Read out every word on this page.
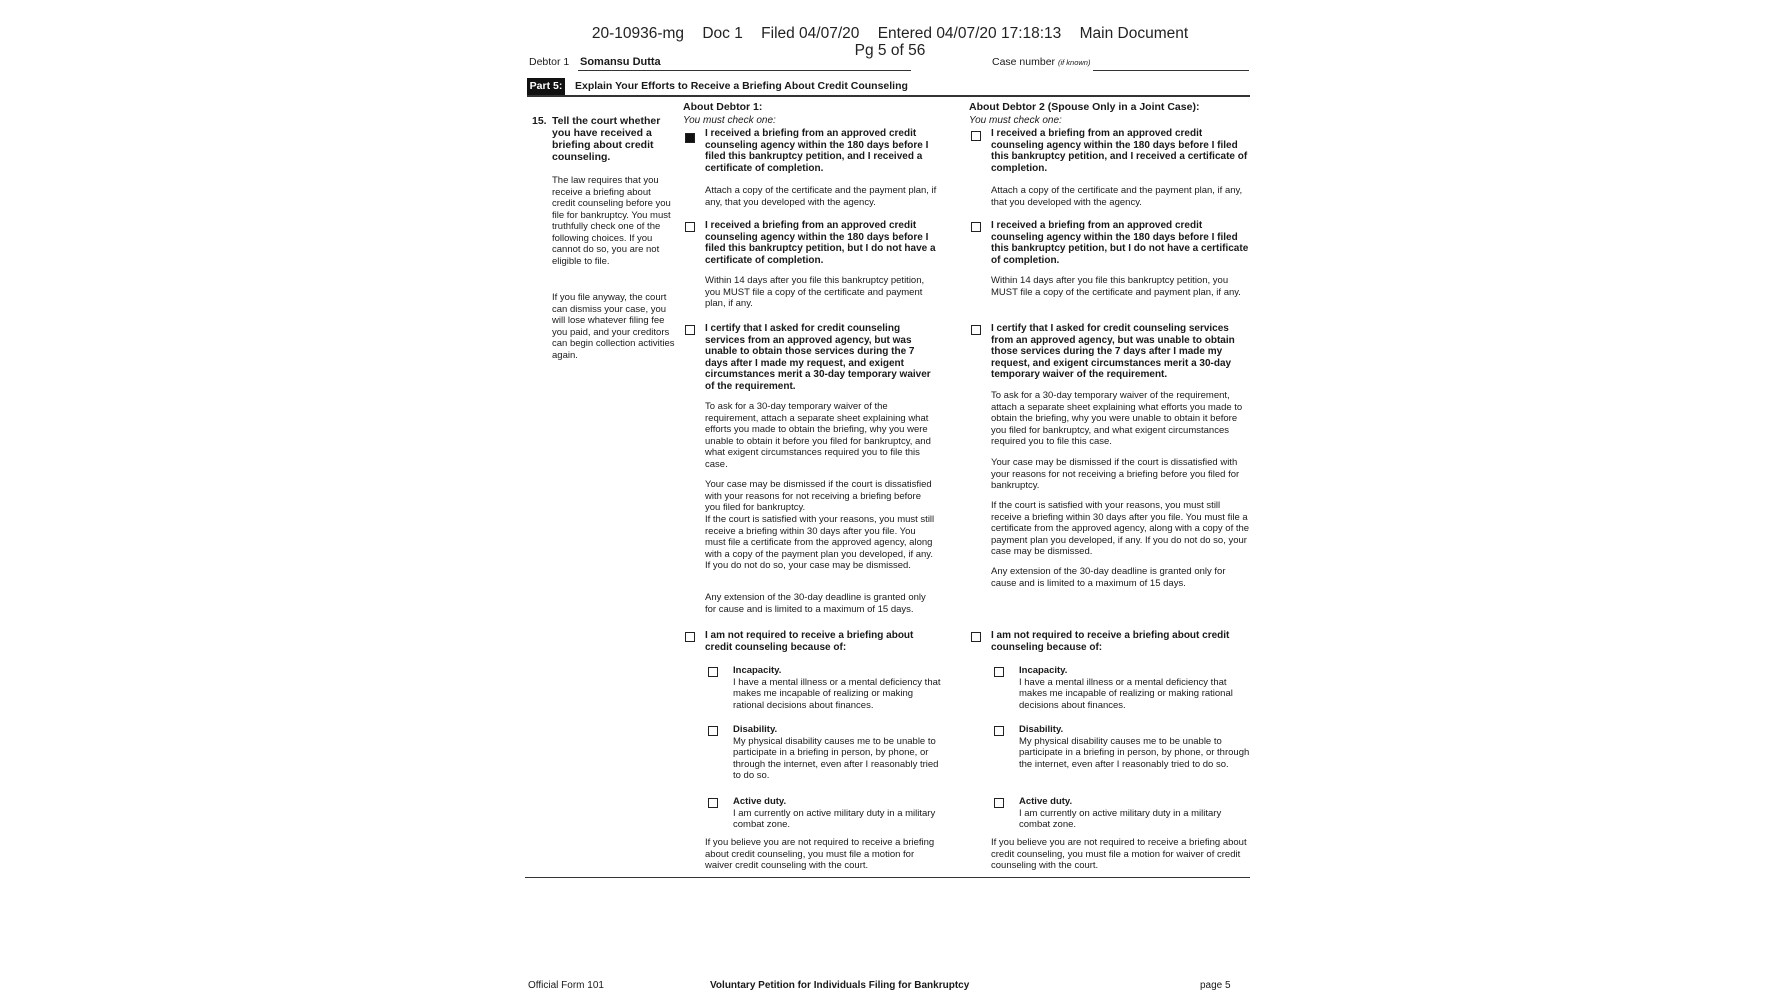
20-10936-mg Doc 1 Filed 04/07/20 Entered 04/07/20 17:18:13 Main Document
Pg 5 of 56
Debtor 1 Somansu Dutta	Case number (if known)
Part 5: Explain Your Efforts to Receive a Briefing About Credit Counseling
15. Tell the court whether you have received a briefing about credit counseling.
The law requires that you receive a briefing about credit counseling before you file for bankruptcy. You must truthfully check one of the following choices. If you cannot do so, you are not eligible to file.
If you file anyway, the court can dismiss your case, you will lose whatever filing fee you paid, and your creditors can begin collection activities again.
About Debtor 1:
You must check one:
I received a briefing from an approved credit counseling agency within the 180 days before I filed this bankruptcy petition, and I received a certificate of completion.
Attach a copy of the certificate and the payment plan, if any, that you developed with the agency.
I received a briefing from an approved credit counseling agency within the 180 days before I filed this bankruptcy petition, but I do not have a certificate of completion.
Within 14 days after you file this bankruptcy petition, you MUST file a copy of the certificate and payment plan, if any.
I certify that I asked for credit counseling services from an approved agency, but was unable to obtain those services during the 7 days after I made my request, and exigent circumstances merit a 30-day temporary waiver of the requirement.
To ask for a 30-day temporary waiver of the requirement, attach a separate sheet explaining what efforts you made to obtain the briefing, why you were unable to obtain it before you filed for bankruptcy, and what exigent circumstances required you to file this case.
Your case may be dismissed if the court is dissatisfied with your reasons for not receiving a briefing before you filed for bankruptcy.
If the court is satisfied with your reasons, you must still receive a briefing within 30 days after you file. You must file a certificate from the approved agency, along with a copy of the payment plan you developed, if any. If you do not do so, your case may be dismissed.
Any extension of the 30-day deadline is granted only for cause and is limited to a maximum of 15 days.
I am not required to receive a briefing about credit counseling because of:
Incapacity.
I have a mental illness or a mental deficiency that makes me incapable of realizing or making rational decisions about finances.
Disability.
My physical disability causes me to be unable to participate in a briefing in person, by phone, or through the internet, even after I reasonably tried to do so.
Active duty.
I am currently on active military duty in a military combat zone.
If you believe you are not required to receive a briefing about credit counseling, you must file a motion for waiver credit counseling with the court.
About Debtor 2 (Spouse Only in a Joint Case):
You must check one:
I received a briefing from an approved credit counseling agency within the 180 days before I filed this bankruptcy petition, and I received a certificate of completion.
Attach a copy of the certificate and the payment plan, if any, that you developed with the agency.
I received a briefing from an approved credit counseling agency within the 180 days before I filed this bankruptcy petition, but I do not have a certificate of completion.
Within 14 days after you file this bankruptcy petition, you MUST file a copy of the certificate and payment plan, if any.
I certify that I asked for credit counseling services from an approved agency, but was unable to obtain those services during the 7 days after I made my request, and exigent circumstances merit a 30-day temporary waiver of the requirement.
To ask for a 30-day temporary waiver of the requirement, attach a separate sheet explaining what efforts you made to obtain the briefing, why you were unable to obtain it before you filed for bankruptcy, and what exigent circumstances required you to file this case.
Your case may be dismissed if the court is dissatisfied with your reasons for not receiving a briefing before you filed for bankruptcy.
If the court is satisfied with your reasons, you must still receive a briefing within 30 days after you file. You must file a certificate from the approved agency, along with a copy of the payment plan you developed, if any. If you do not do so, your case may be dismissed.
Any extension of the 30-day deadline is granted only for cause and is limited to a maximum of 15 days.
I am not required to receive a briefing about credit counseling because of:
Incapacity.
I have a mental illness or a mental deficiency that makes me incapable of realizing or making rational decisions about finances.
Disability.
My physical disability causes me to be unable to participate in a briefing in person, by phone, or through the internet, even after I reasonably tried to do so.
Active duty.
I am currently on active military duty in a military combat zone.
If you believe you are not required to receive a briefing about credit counseling, you must file a motion for waiver of credit counseling with the court.
Official Form 101	Voluntary Petition for Individuals Filing for Bankruptcy	page 5
